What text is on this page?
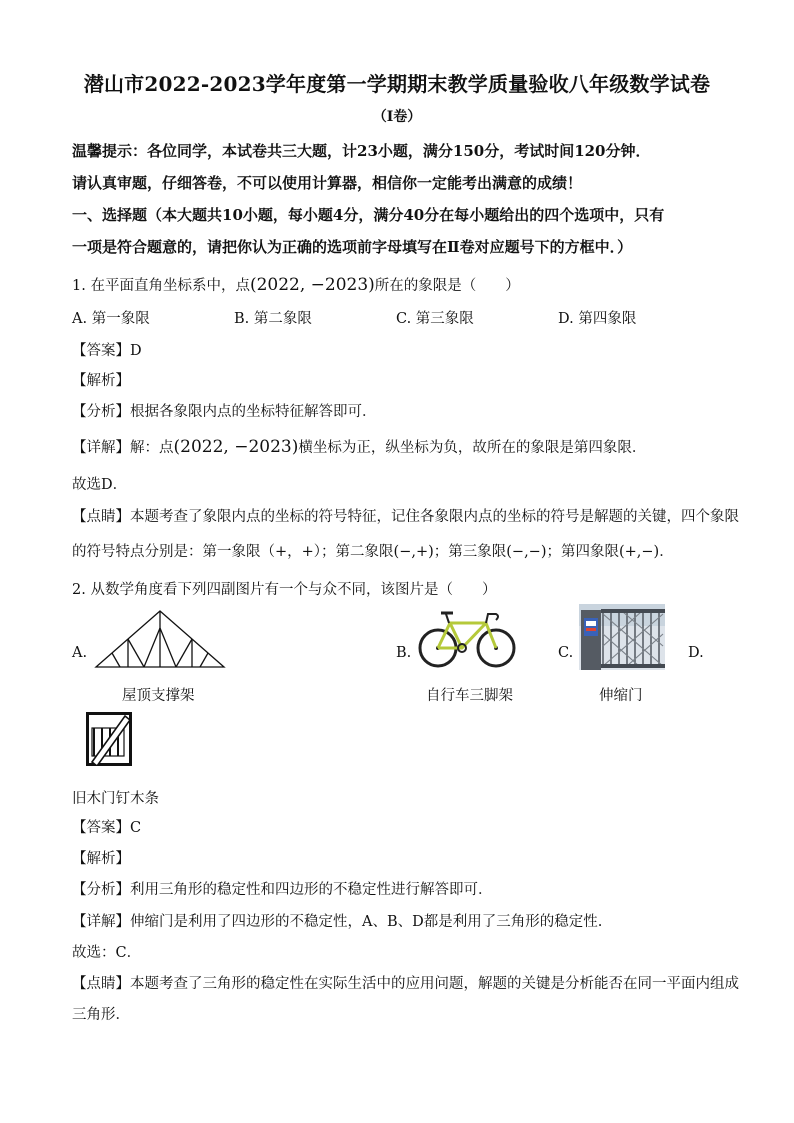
潜山市2022-2023学年度第一学期期末教学质量验收八年级数学试卷
（I卷）
温馨提示：各位同学，本试卷共三大题，计23小题，满分150分，考试时间120分钟．
请认真审题，仔细答卷，不可以使用计算器，相信你一定能考出满意的成绩！
一、选择题（本大题共10小题，每小题4分，满分40分在每小题给出的四个选项中，只有
一项是符合题意的，请把你认为正确的选项前字母填写在Ⅱ卷对应题号下的方框中．）
1. 在平面直角坐标系中，点(2022, −2023)所在的象限是（　　）
A. 第一象限	B. 第二象限	C. 第三象限	D. 第四象限
【答案】D
【解析】
【分析】根据各象限内点的坐标特征解答即可．
【详解】解：点(2022, −2023)横坐标为正，纵坐标为负，故所在的象限是第四象限．
故选D．
【点睛】本题考查了象限内点的坐标的符号特征，记住各象限内点的坐标的符号是解题的关键，四个象限
的符号特点分别是：第一象限（+，+）；第二象限(−,+)；第三象限(−,−)；第四象限(+,−)．
2. 从数学角度看下列四副图片有一个与众不同，该图片是（　　）
A.
屋顶支撑架
B.
自行车三脚架
C.
伸缩门
D.
旧木门钉木条
【答案】C
【解析】
【分析】利用三角形的稳定性和四边形的不稳定性进行解答即可．
【详解】伸缩门是利用了四边形的不稳定性，A、B、D都是利用了三角形的稳定性.
故选：C．
【点睛】本题考查了三角形的稳定性在实际生活中的应用问题，解题的关键是分析能否在同一平面内组成
三角形．
